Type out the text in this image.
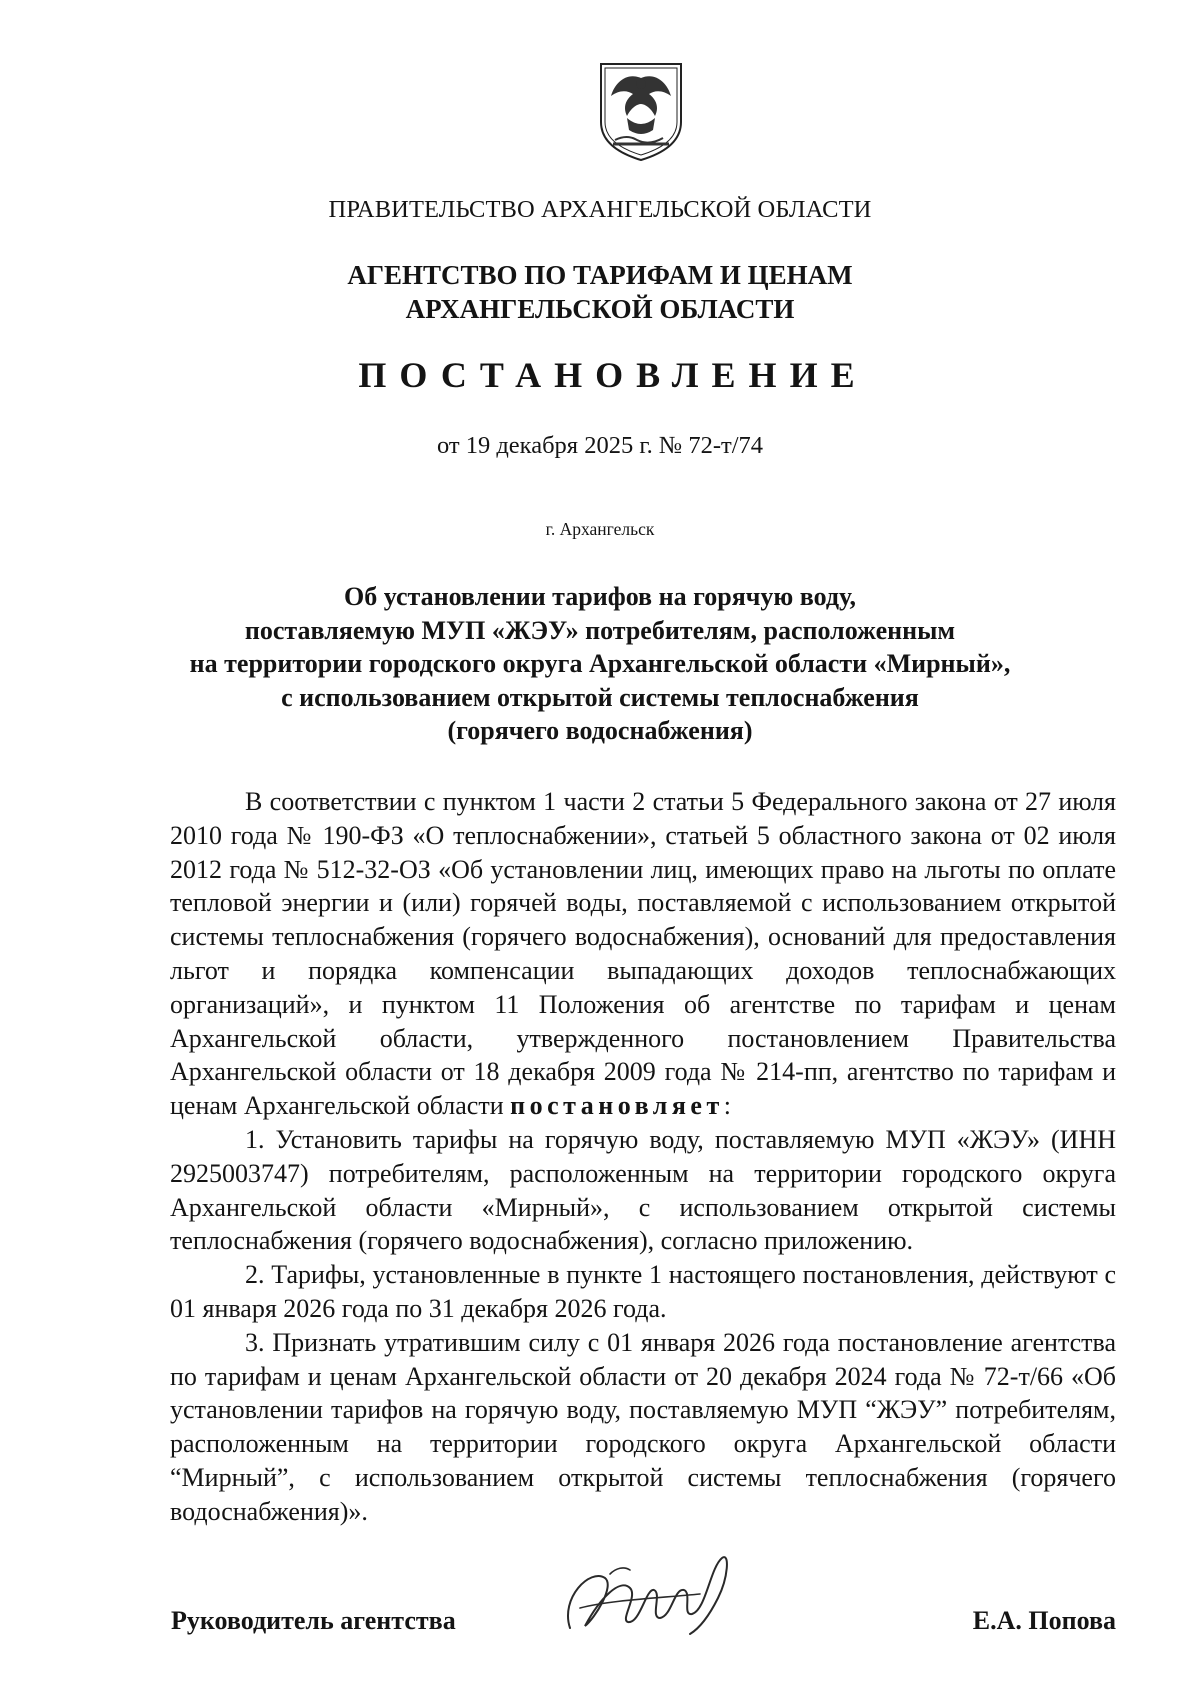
ПРАВИТЕЛЬСТВО АРХАНГЕЛЬСКОЙ ОБЛАСТИ
АГЕНТСТВО ПО ТАРИФАМ И ЦЕНАМ
АРХАНГЕЛЬСКОЙ ОБЛАСТИ
ПОСТАНОВЛЕНИЕ
от 19 декабря 2025 г. № 72-т/74
г. Архангельск
Об установлении тарифов на горячую воду,
поставляемую МУП «ЖЭУ» потребителям, расположенным
на территории городского округа Архангельской области «Мирный»,
с использованием открытой системы теплоснабжения
(горячего водоснабжения)

В соответствии с пунктом 1 части 2 статьи 5 Федерального закона от 27 июля 2010 года № 190-ФЗ «О теплоснабжении», статьей 5 областного закона от 02 июля 2012 года № 512-32-ОЗ «Об установлении лиц, имеющих право на льготы по оплате тепловой энергии и (или) горячей воды, поставляемой с использованием открытой системы теплоснабжения (горячего водоснабжения), оснований для предоставления льгот и порядка компенсации выпадающих доходов теплоснабжающих организаций», и пунктом 11 Положения об агентстве по тарифам и ценам Архангельской области, утвержденного постановлением Правительства Архангельской области от 18 декабря 2009 года № 214-пп, агентство по тарифам и ценам Архангельской области постановляет:

1. Установить тарифы на горячую воду, поставляемую МУП «ЖЭУ» (ИНН 2925003747) потребителям, расположенным на территории городского округа Архангельской области «Мирный», с использованием открытой системы теплоснабжения (горячего водоснабжения), согласно приложению.

2. Тарифы, установленные в пункте 1 настоящего постановления, действуют с 01 января 2026 года по 31 декабря 2026 года.

3. Признать утратившим силу с 01 января 2026 года постановление агентства по тарифам и ценам Архангельской области от 20 декабря 2024 года № 72-т/66 «Об установлении тарифов на горячую воду, поставляемую МУП “ЖЭУ” потребителям, расположенным на территории городского округа Архангельской области “Мирный”, с использованием открытой системы теплоснабжения (горячего водоснабжения)».

Руководитель агентства	Е.А. Попова
